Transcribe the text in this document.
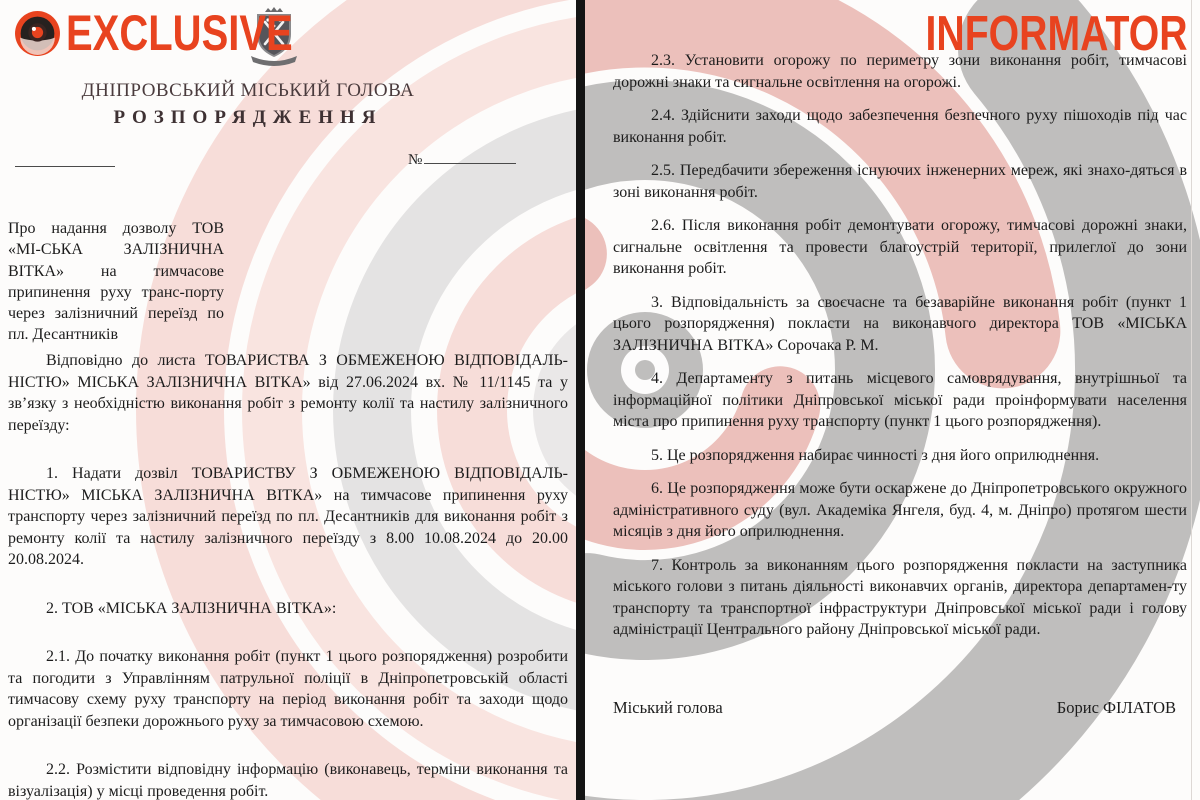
EXCLUSIVE
ДНІПРОВСЬКИЙ МІСЬКИЙ ГОЛОВА
РОЗПОРЯДЖЕННЯ
№

Про надання дозволу ТОВ «МІ-СЬКА ЗАЛІЗНИЧНА ВІТКА» на тимчасове припинення руху транс-порту через залізничний переїзд по пл. Десантників

Відповідно до листа ТОВАРИСТВА З ОБМЕЖЕНОЮ ВІДПОВІДАЛЬ-НІСТЮ» МІСЬКА ЗАЛІЗНИЧНА ВІТКА» від 27.06.2024 вх. № 11/1145 та у зв’язку з необхідністю виконання робіт з ремонту колії та настилу залізничного переїзду:

1. Надати дозвіл ТОВАРИСТВУ З ОБМЕЖЕНОЮ ВІДПОВІДАЛЬ-НІСТЮ» МІСЬКА ЗАЛІЗНИЧНА ВІТКА» на тимчасове припинення руху транспорту через залізничний переїзд по пл. Десантників для виконання робіт з ремонту колії та настилу залізничного переїзду з 8.00 10.08.2024 до 20.00 20.08.2024.

2. ТОВ «МІСЬКА ЗАЛІЗНИЧНА ВІТКА»:

2.1. До початку виконання робіт (пункт 1 цього розпорядження) розробити та погодити з Управлінням патрульної поліції в Дніпропетровській області тимчасову схему руху транспорту на період виконання робіт та заходи щодо організації безпеки дорожнього руху за тимчасовою схемою.

2.2. Розмістити відповідну інформацію (виконавець, терміни виконання та візуалізація) у місці проведення робіт.

INFORMATOR

2.3. Установити огорожу по периметру зони виконання робіт, тимчасові дорожні знаки та сигнальне освітлення на огорожі.

2.4. Здійснити заходи щодо забезпечення безпечного руху пішоходів під час виконання робіт.

2.5. Передбачити збереження існуючих інженерних мереж, які знахо-дяться в зоні виконання робіт.

2.6. Після виконання робіт демонтувати огорожу, тимчасові дорожні знаки, сигнальне освітлення та провести благоустрій території, прилеглої до зони виконання робіт.

3. Відповідальність за своєчасне та безаварійне виконання робіт (пункт 1 цього розпорядження) покласти на виконавчого директора ТОВ «МІСЬКА ЗАЛІЗНИЧНА ВІТКА» Сорочака Р. М.

4. Департаменту з питань місцевого самоврядування, внутрішньої та інформаційної політики Дніпровської міської ради проінформувати населення міста про припинення руху транспорту (пункт 1 цього розпорядження).

5. Це розпорядження набирає чинності з дня його оприлюднення.

6. Це розпорядження може бути оскаржене до Дніпропетровського окружного адміністративного суду (вул. Академіка Янгеля, буд. 4, м. Дніпро) протягом шести місяців з дня його оприлюднення.

7. Контроль за виконанням цього розпорядження покласти на заступника міського голови з питань діяльності виконавчих органів, директора департамен-ту транспорту та транспортної інфраструктури Дніпровської міської ради і голову адміністрації Центрального району Дніпровської міської ради.

Міський голова	Борис ФІЛАТОВ
